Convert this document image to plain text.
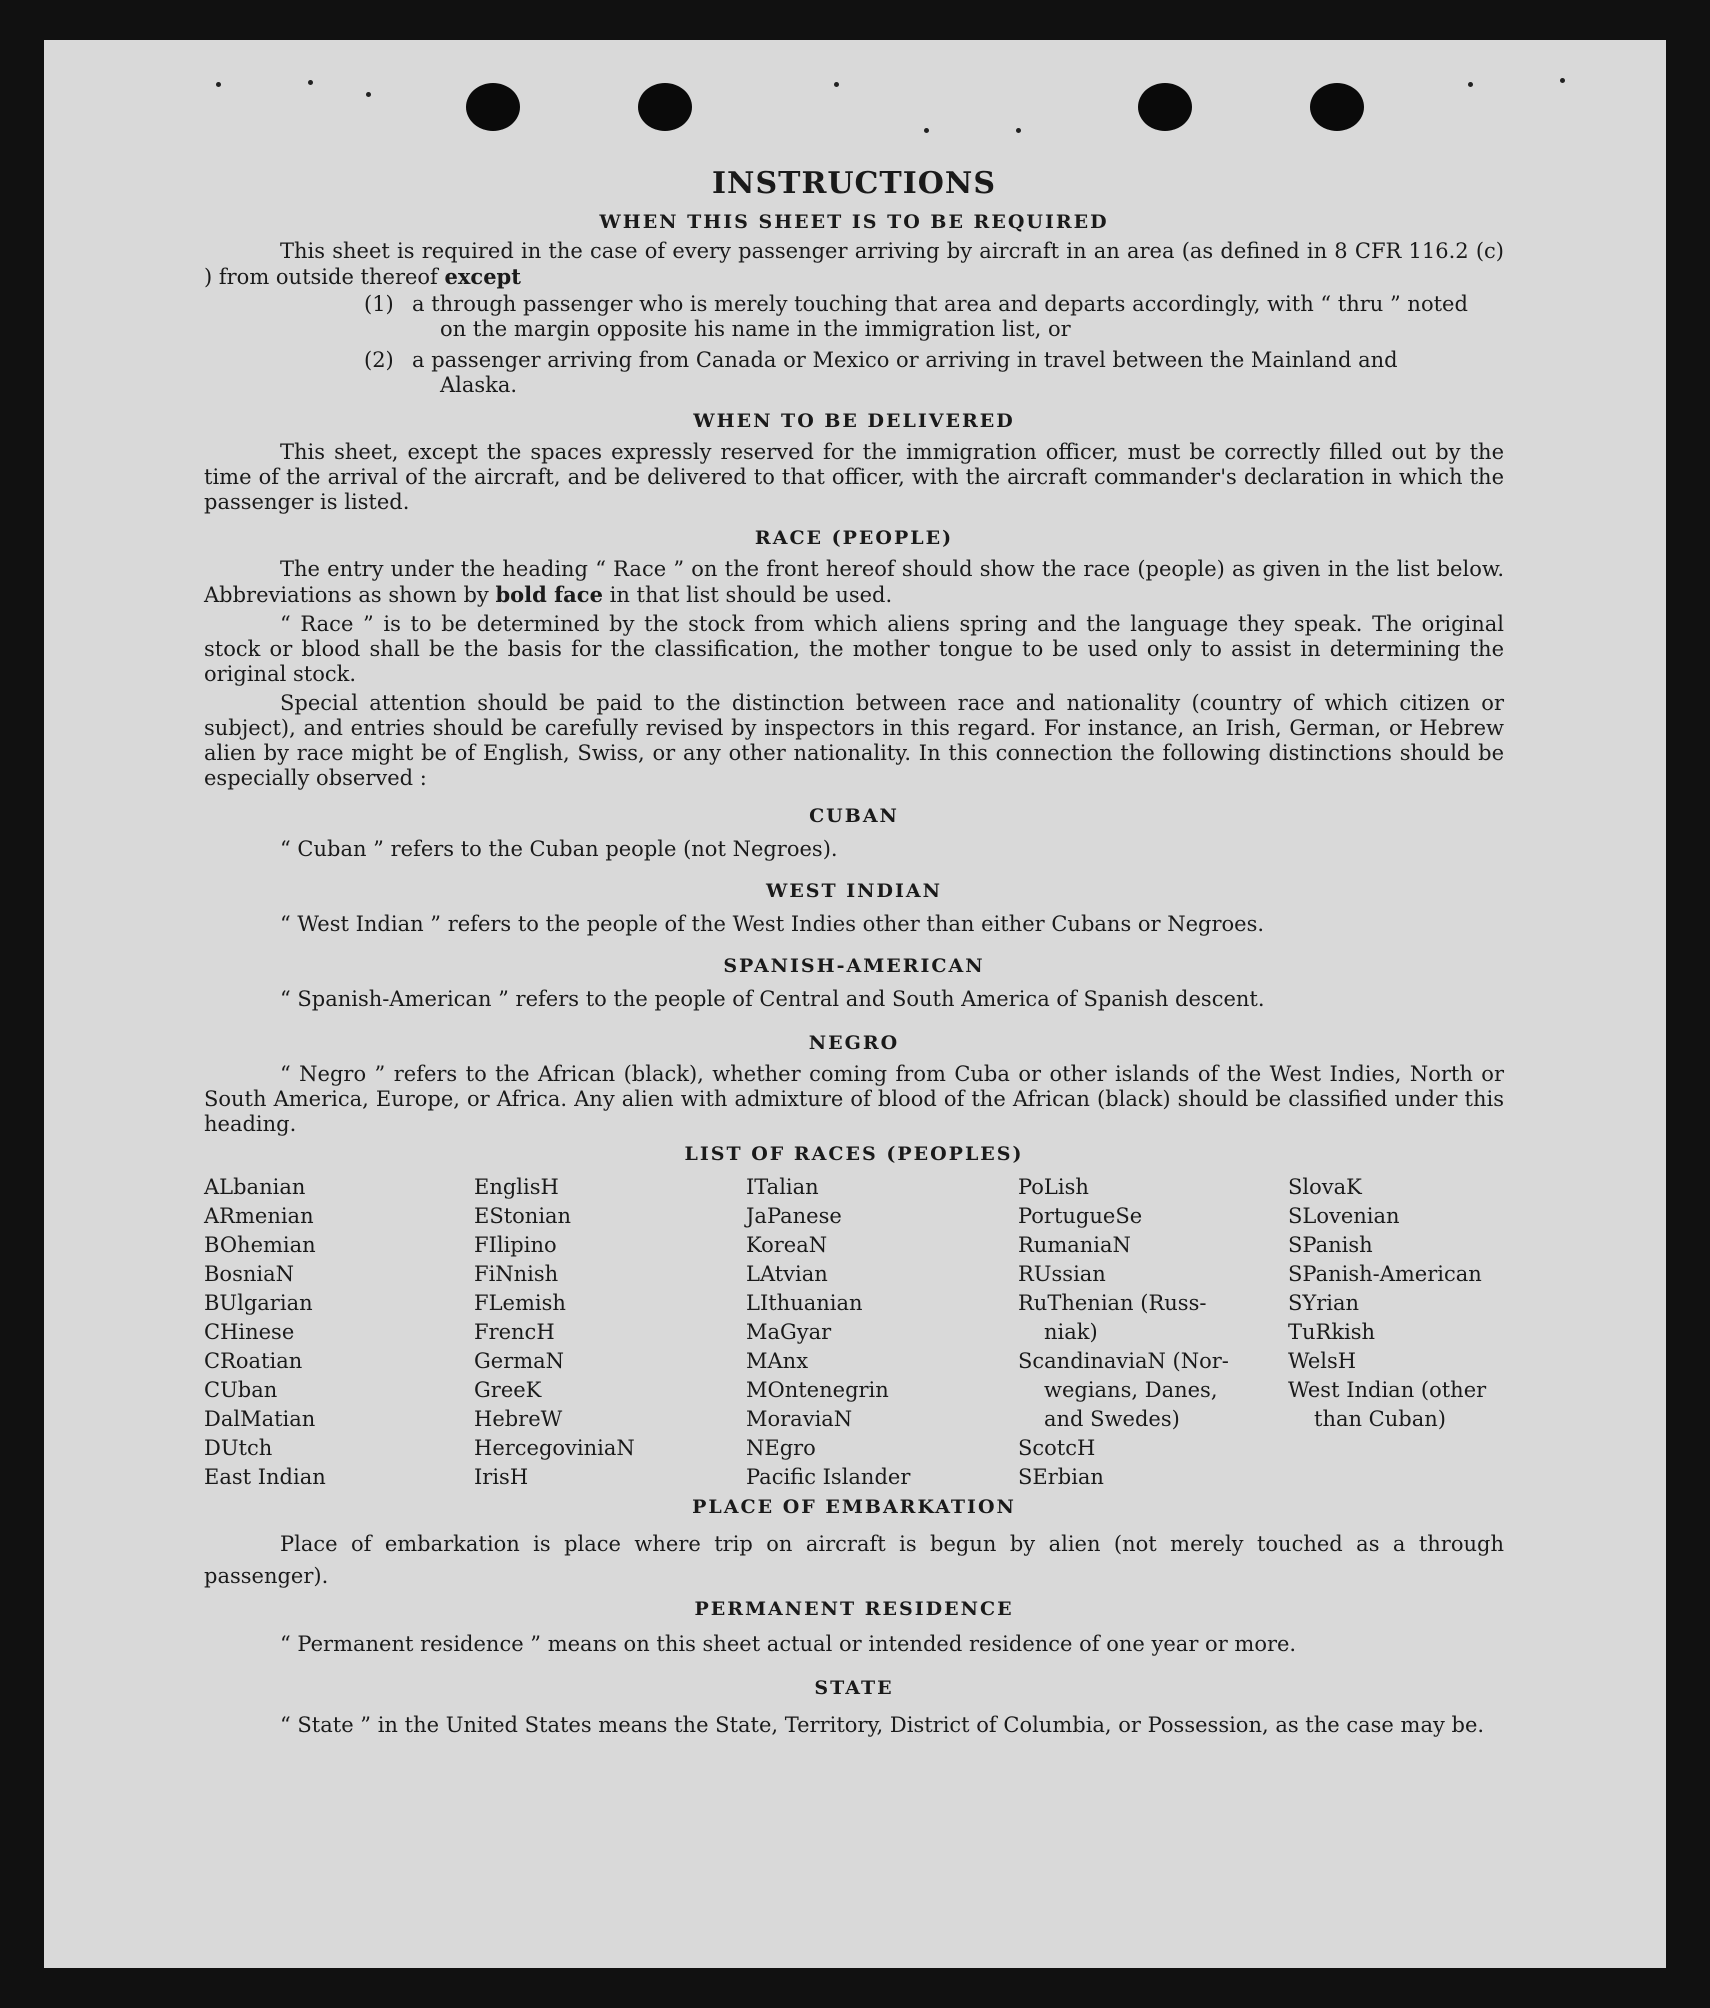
INSTRUCTIONS
WHEN THIS SHEET IS TO BE REQUIRED

This sheet is required in the case of every passenger arriving by aircraft in an area (as defined in 8 CFR 116.2 (c) ) from outside thereof except

(1) a through passenger who is merely touching that area and departs accordingly, with “ thru ” noted
on the margin opposite his name in the immigration list, or
(2) a passenger arriving from Canada or Mexico or arriving in travel between the Mainland and
Alaska.
WHEN TO BE DELIVERED

This sheet, except the spaces expressly reserved for the immigration officer, must be correctly filled out by the time of the arrival of the aircraft, and be delivered to that officer, with the aircraft commander's declaration in which the passenger is listed.

RACE (PEOPLE)

The entry under the heading “ Race ” on the front hereof should show the race (people) as given in the list below. Abbreviations as shown by bold face in that list should be used.

“ Race ” is to be determined by the stock from which aliens spring and the language they speak. The original stock or blood shall be the basis for the classification, the mother tongue to be used only to assist in determining the original stock.

Special attention should be paid to the distinction between race and nationality (country of which citizen or subject), and entries should be carefully revised by inspectors in this regard. For instance, an Irish, German, or Hebrew alien by race might be of English, Swiss, or any other nationality. In this connection the following distinctions should be especially observed :

CUBAN

“ Cuban ” refers to the Cuban people (not Negroes).

WEST INDIAN

“ West Indian ” refers to the people of the West Indies other than either Cubans or Negroes.

SPANISH-AMERICAN

“ Spanish-American ” refers to the people of Central and South America of Spanish descent.

NEGRO

“ Negro ” refers to the African (black), whether coming from Cuba or other islands of the West Indies, North or South America, Europe, or Africa. Any alien with admixture of blood of the African (black) should be classified under this heading.

LIST OF RACES (PEOPLES)
ALbanian
ARmenian
BOhemian
BosniaN
BUlgarian
CHinese
CRoatian
CUban
DalMatian
DUtch
East Indian
EnglisH
EStonian
FIlipino
FiNnish
FLemish
FrencH
GermaN
GreeK
HebreW
HercegoviniaN
IrisH
ITalian
JaPanese
KoreaN
LAtvian
LIthuanian
MaGyar
MAnx
MOntenegrin
MoraviaN
NEgro
Pacific Islander
PoLish
PortugueSe
RumaniaN
RUssian
RuThenian (Russ-
niak)
ScandinaviaN (Nor-
wegians, Danes,
and Swedes)
ScotcH
SErbian
SlovaK
SLovenian
SPanish
SPanish-American
SYrian
TuRkish
WelsH
West Indian (other
than Cuban)
PLACE OF EMBARKATION

Place of embarkation is place where trip on aircraft is begun by alien (not merely touched as a through passenger).

PERMANENT RESIDENCE

“ Permanent residence ” means on this sheet actual or intended residence of one year or more.

STATE

“ State ” in the United States means the State, Territory, District of Columbia, or Possession, as the case may be.
